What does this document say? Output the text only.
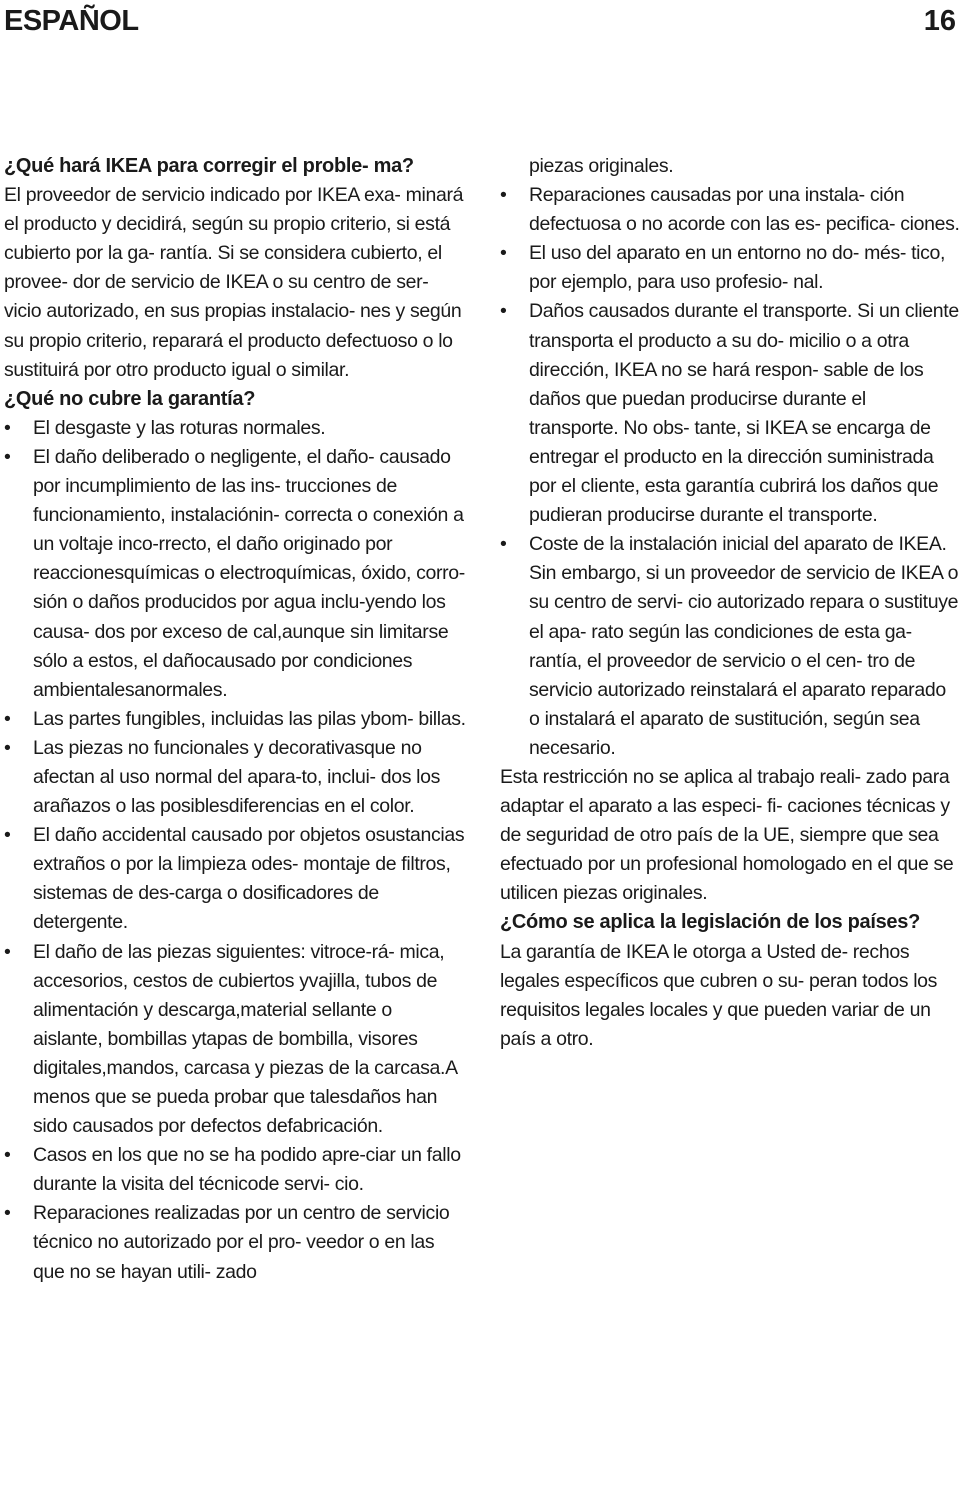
ESPAÑOL	16
¿Qué hará IKEA para corregir el proble- ma?

El proveedor de servicio indicado por IKEA exa- minará el producto y decidirá, según su propio criterio, si está cubierto por la ga- rantía. Si se considera cubierto, el provee- dor de servicio de IKEA o su centro de ser- vicio autorizado, en sus propias instalacio- nes y según su propio criterio, reparará el producto defectuoso o lo sustituirá por otro producto igual o similar.

¿Qué no cubre la garantía?
• El desgaste y las roturas normales.
• El daño deliberado o negligente, el daño- causado por incumplimiento de las ins- trucciones de funcionamiento, instalaciónin- correcta o conexión a un voltaje inco-rrecto, el daño originado por reaccionesquímicas o electroquímicas, óxido, corro-sión o daños producidos por agua inclu-yendo los causa- dos por exceso de cal,aunque sin limitarse sólo a estos, el dañocausado por condiciones ambientalesanormales.
• Las partes fungibles, incluidas las pilas ybom- billas.
• Las piezas no funcionales y decorativasque no afectan al uso normal del apara-to, inclui- dos los arañazos o las posiblesdiferencias en el color.
• El daño accidental causado por objetos osustancias extraños o por la limpieza odes- montaje de filtros, sistemas de des-carga o dosificadores de detergente.
• El daño de las piezas siguientes: vitroce-rá- mica, accesorios, cestos de cubiertos yvajilla, tubos de alimentación y descarga,material sellante o aislante, bombillas ytapas de bombilla, visores digitales,mandos, carcasa y piezas de la carcasa.A menos que se pueda probar que talesdaños han sido causados por defectos defabricación.
• Casos en los que no se ha podido apre-ciar un fallo durante la visita del técnicode servi- cio.
• Reparaciones realizadas por un centro de servicio técnico no autorizado por el pro- veedor o en las que no se hayan utili- zado
piezas originales.
• Reparaciones causadas por una instala- ción defectuosa o no acorde con las es- pecifica- ciones.
• El uso del aparato en un entorno no do- més- tico, por ejemplo, para uso profesio- nal.
• Daños causados durante el transporte. Si un cliente transporta el producto a su do- micilio o a otra dirección, IKEA no se hará respon- sable de los daños que puedan producirse durante el transporte. No obs- tante, si IKEA se encarga de entregar el producto en la dirección suministrada por el cliente, esta garantía cubrirá los daños que pudieran producirse durante el transporte.
• Coste de la instalación inicial del aparato de IKEA. Sin embargo, si un proveedor de servicio de IKEA o su centro de servi- cio autorizado repara o sustituye el apa- rato según las condiciones de esta ga- rantía, el proveedor de servicio o el cen- tro de servicio autorizado reinstalará el aparato reparado o instalará el aparato de sustitución, según sea necesario.

Esta restricción no se aplica al trabajo reali- zado para adaptar el aparato a las especi- fi- caciones técnicas y de seguridad de otro país de la UE, siempre que sea efectuado por un profesional homologado en el que se utilicen piezas originales.

¿Cómo se aplica la legislación de los países?

La garantía de IKEA le otorga a Usted de- rechos legales específicos que cubren o su- peran todos los requisitos legales locales y que pueden variar de un país a otro.
